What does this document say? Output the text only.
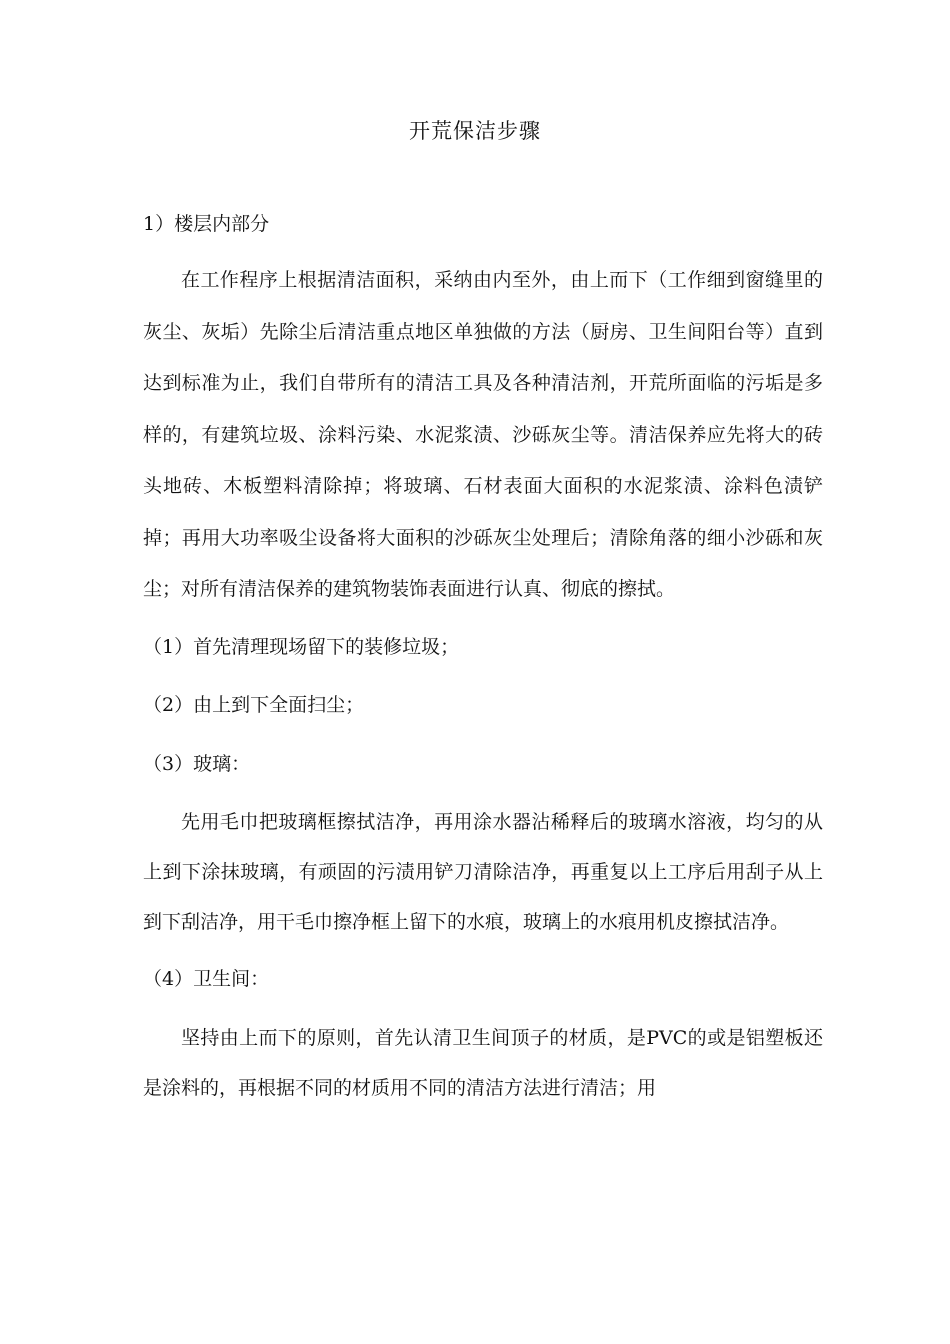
开荒保洁步骤

1）楼层内部分

在工作程序上根据清洁面积，采纳由内至外，由上而下（工作细到窗缝里的灰尘、灰垢）先除尘后清洁重点地区单独做的方法（厨房、卫生间阳台等）直到达到标准为止，我们自带所有的清洁工具及各种清洁剂，开荒所面临的污垢是多样的，有建筑垃圾、涂料污染、水泥浆渍、沙砾灰尘等。清洁保养应先将大的砖头地砖、木板塑料清除掉；将玻璃、石材表面大面积的水泥浆渍、涂料色渍铲掉；再用大功率吸尘设备将大面积的沙砾灰尘处理后；清除角落的细小沙砾和灰尘；对所有清洁保养的建筑物装饰表面进行认真、彻底的擦拭。

（1）首先清理现场留下的装修垃圾；

（2）由上到下全面扫尘；

（3）玻璃：

先用毛巾把玻璃框擦拭洁净，再用涂水器沾稀释后的玻璃水溶液，均匀的从上到下涂抹玻璃，有顽固的污渍用铲刀清除洁净，再重复以上工序后用刮子从上到下刮洁净，用干毛巾擦净框上留下的水痕，玻璃上的水痕用机皮擦拭洁净。

（4）卫生间：

坚持由上而下的原则，首先认清卫生间顶子的材质，是PVC的或是铝塑板还是涂料的，再根据不同的材质用不同的清洁方法进行清洁；用
